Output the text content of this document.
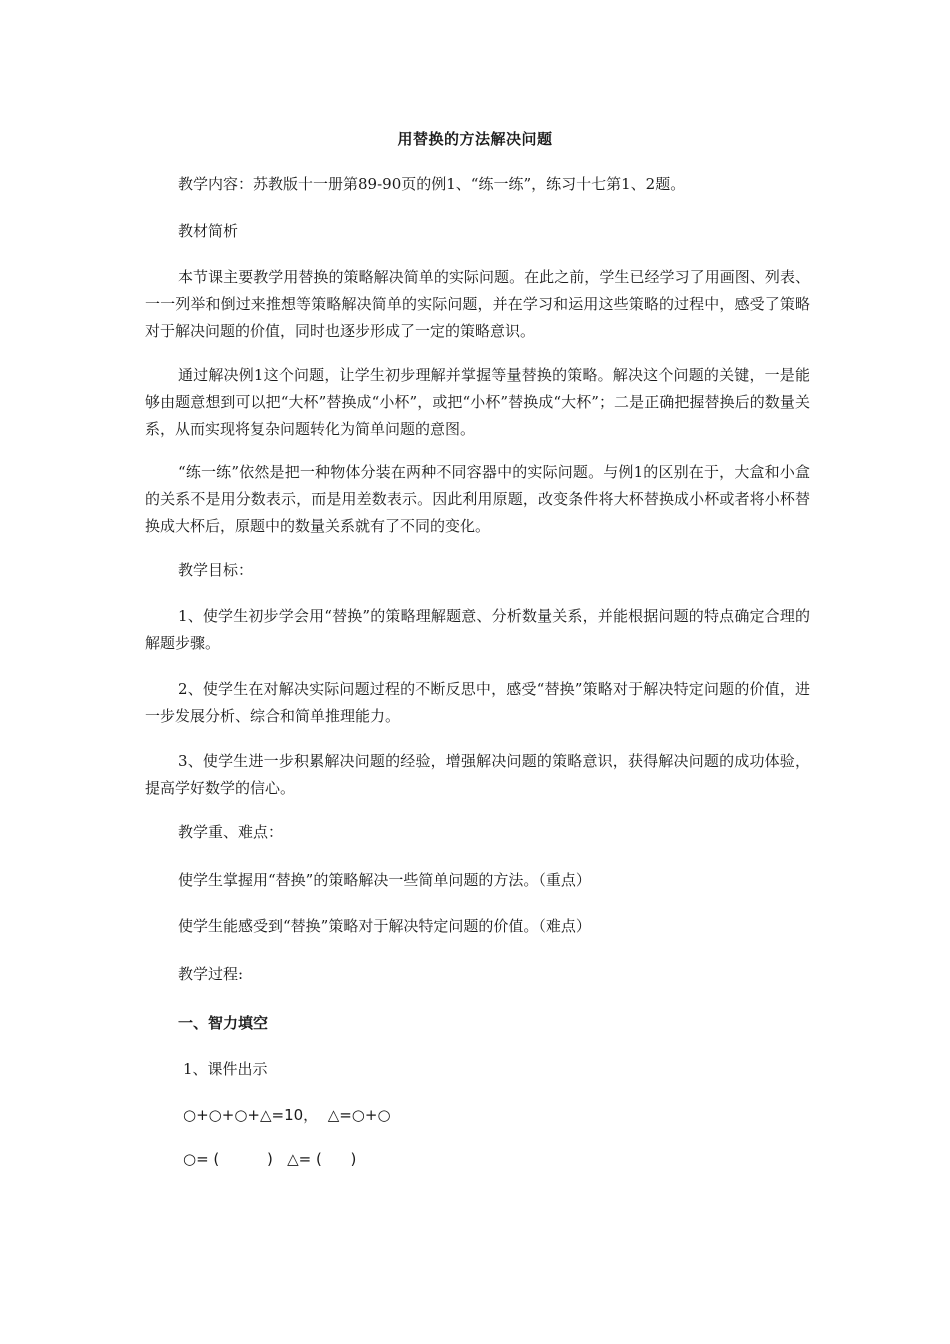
用替换的方法解决问题
教学内容：苏教版十一册第89-90页的例1、“练一练”，练习十七第1、2题。
教材简析
本节课主要教学用替换的策略解决简单的实际问题。在此之前，学生已经学习了用画图、列表、一一列举和倒过来推想等策略解决简单的实际问题，并在学习和运用这些策略的过程中，感受了策略对于解决问题的价值，同时也逐步形成了一定的策略意识。
通过解决例1这个问题，让学生初步理解并掌握等量替换的策略。解决这个问题的关键，一是能够由题意想到可以把“大杯”替换成“小杯”，或把“小杯”替换成“大杯”；二是正确把握替换后的数量关系，从而实现将复杂问题转化为简单问题的意图。
“练一练”依然是把一种物体分装在两种不同容器中的实际问题。与例1的区别在于，大盒和小盒的关系不是用分数表示，而是用差数表示。因此利用原题，改变条件将大杯替换成小杯或者将小杯替换成大杯后，原题中的数量关系就有了不同的变化。
教学目标：
1、使学生初步学会用“替换”的策略理解题意、分析数量关系，并能根据问题的特点确定合理的解题步骤。
2、使学生在对解决实际问题过程的不断反思中，感受“替换”策略对于解决特定问题的价值，进一步发展分析、综合和简单推理能力。
3、使学生进一步积累解决问题的经验，增强解决问题的策略意识，获得解决问题的成功体验，提高学好数学的信心。
教学重、难点：
使学生掌握用“替换”的策略解决一些简单问题的方法。（重点）
使学生能感受到“替换”策略对于解决特定问题的价值。（难点）
教学过程:
一、智力填空
1、课件出示
○+○+○+△=10，  △=○+○
○= (          )   △= (      )
